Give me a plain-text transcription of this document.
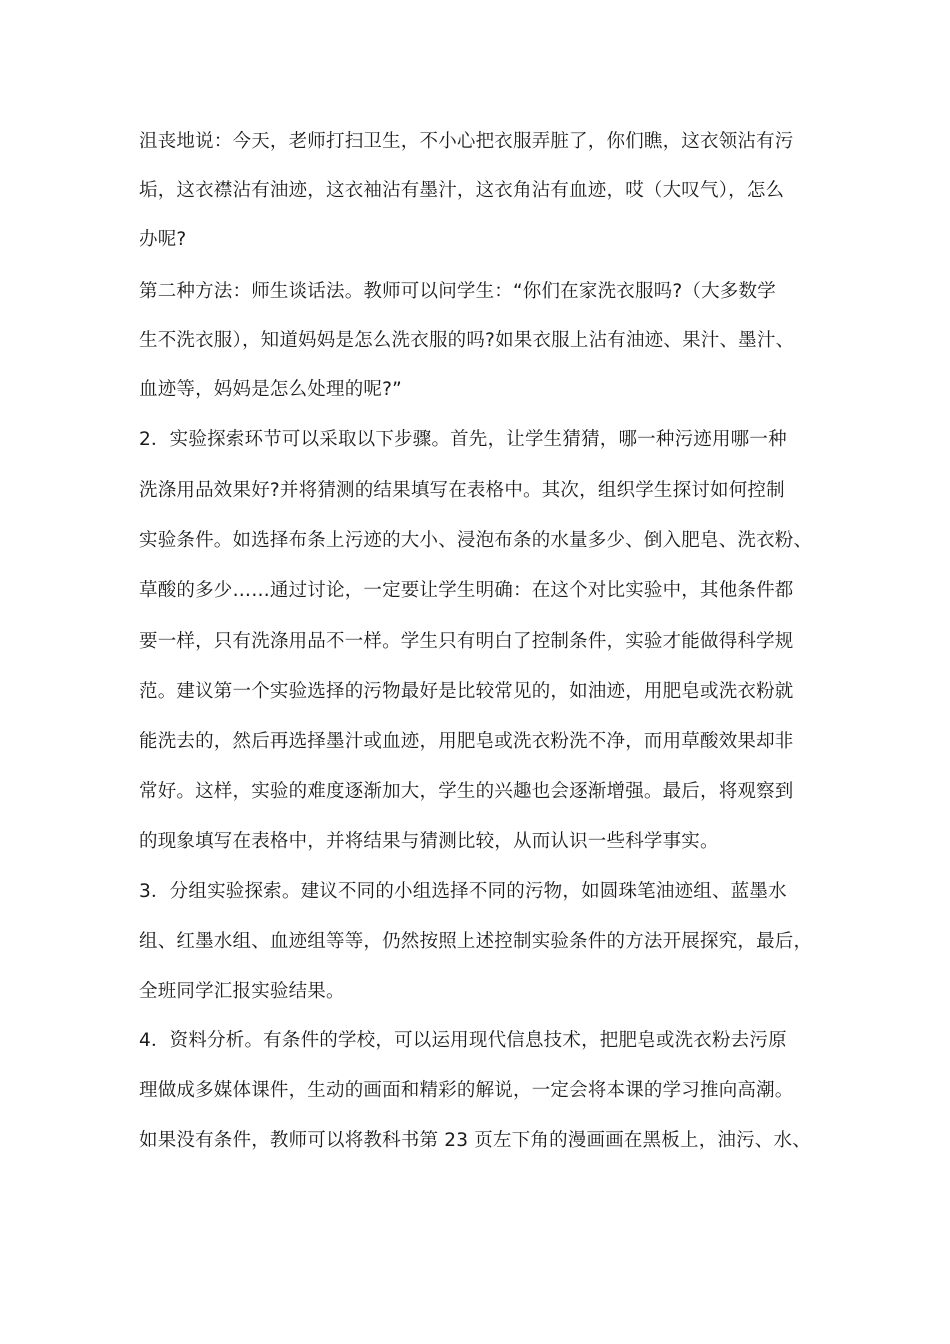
沮丧地说：今天，老师打扫卫生，不小心把衣服弄脏了，你们瞧，这衣领沾有污
垢，这衣襟沾有油迹，这衣袖沾有墨汁，这衣角沾有血迹，哎（大叹气），怎么
办呢?
第二种方法：师生谈话法。教师可以问学生：“你们在家洗衣服吗?（大多数学
生不洗衣服），知道妈妈是怎么洗衣服的吗?如果衣服上沾有油迹、果汁、墨汁、
血迹等，妈妈是怎么处理的呢?”
2．实验探索环节可以采取以下步骤。首先，让学生猜猜，哪一种污迹用哪一种
洗涤用品效果好?并将猜测的结果填写在表格中。其次，组织学生探讨如何控制
实验条件。如选择布条上污迹的大小、浸泡布条的水量多少、倒入肥皂、洗衣粉、
草酸的多少……通过讨论，一定要让学生明确：在这个对比实验中，其他条件都
要一样，只有洗涤用品不一样。学生只有明白了控制条件，实验才能做得科学规
范。建议第一个实验选择的污物最好是比较常见的，如油迹，用肥皂或洗衣粉就
能洗去的，然后再选择墨汁或血迹，用肥皂或洗衣粉洗不净，而用草酸效果却非
常好。这样，实验的难度逐渐加大，学生的兴趣也会逐渐增强。最后，将观察到
的现象填写在表格中，并将结果与猜测比较，从而认识一些科学事实。
3．分组实验探索。建议不同的小组选择不同的污物，如圆珠笔油迹组、蓝墨水
组、红墨水组、血迹组等等，仍然按照上述控制实验条件的方法开展探究，最后，
全班同学汇报实验结果。
4．资料分析。有条件的学校，可以运用现代信息技术，把肥皂或洗衣粉去污原
理做成多媒体课件，生动的画面和精彩的解说，一定会将本课的学习推向高潮。
如果没有条件，教师可以将教科书第 23 页左下角的漫画画在黑板上，油污、水、
